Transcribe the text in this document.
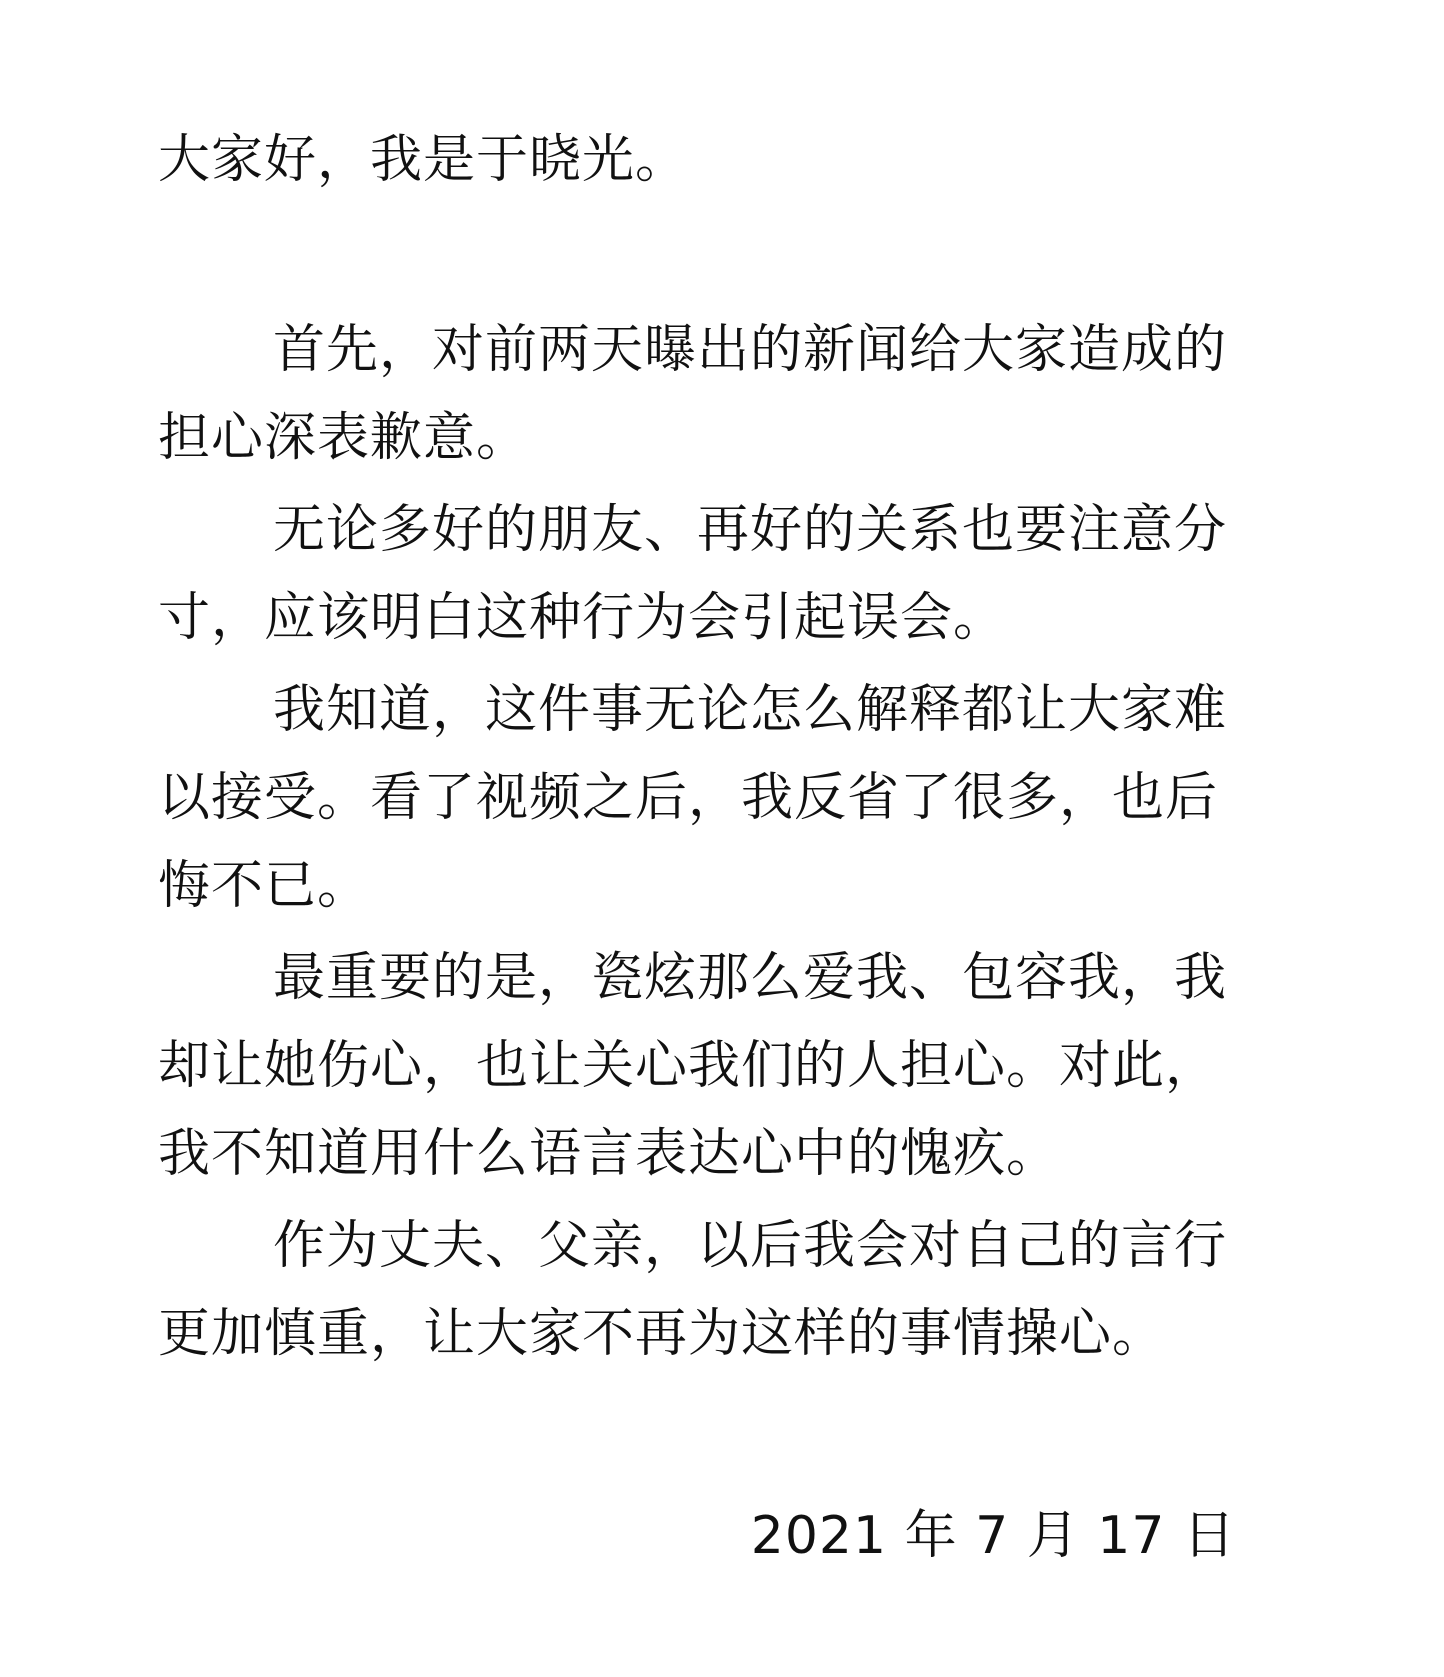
大家好，我是于晓光。

首先，对前两天曝出的新闻给大家造成的担心深表歉意。

无论多好的朋友、再好的关系也要注意分寸，应该明白这种行为会引起误会。

我知道，这件事无论怎么解释都让大家难以接受。看了视频之后，我反省了很多，也后悔不已。

最重要的是，瓷炫那么爱我、包容我，我却让她伤心，也让关心我们的人担心。对此，我不知道用什么语言表达心中的愧疚。

作为丈夫、父亲，以后我会对自己的言行更加慎重，让大家不再为这样的事情操心。

2021 年 7 月 17 日
